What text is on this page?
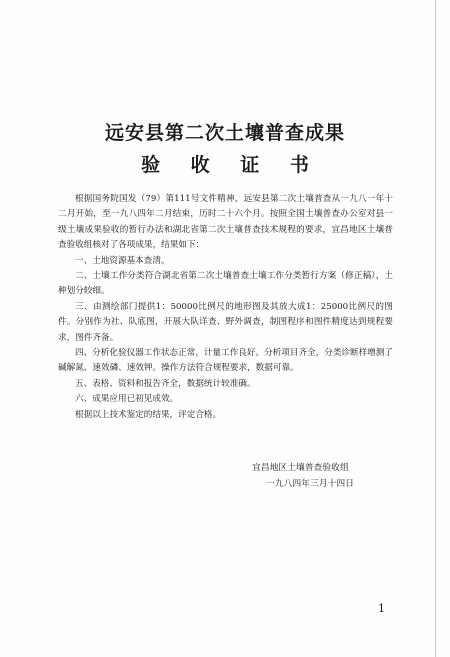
远安县第二次土壤普查成果
验 收 证 书

根据国务院国发（79）第111号文件精神，远安县第二次土壤普查从一九八一年十二月开始，至一九八四年二月结束，历时二十六个月。按照全国土壤普查办公室对县一级土壤成果验收的暂行办法和湖北省第二次土壤普查技术规程的要求，宜昌地区土壤普查验收组核对了各项成果，结果如下：

一、土地资源基本查清。

二、土壤工作分类符合湖北省第二次土壤普查土壤工作分类暂行方案（修正稿），土种划分较细。

三、由测绘部门提供1：50000比例尺的地形图及其放大成1：25000比例尺的图件。分别作为社、队底图，开展大队详查、野外调查，制图程序和图件精度达到规程要求，图件齐备。

四、分析化验仪器工作状态正常，计量工作良好。分析项目齐全，分类诊断样增测了碱解氮、速效磷、速效钾。操作方法符合规程要求，数据可靠。

五、表格、资料和报告齐全，数据统计较准确。

六、成果应用已初见成效。

根据以上技术鉴定的结果，评定合格。

宜昌地区土壤普查验收组
一九八四年三月十四日
1
